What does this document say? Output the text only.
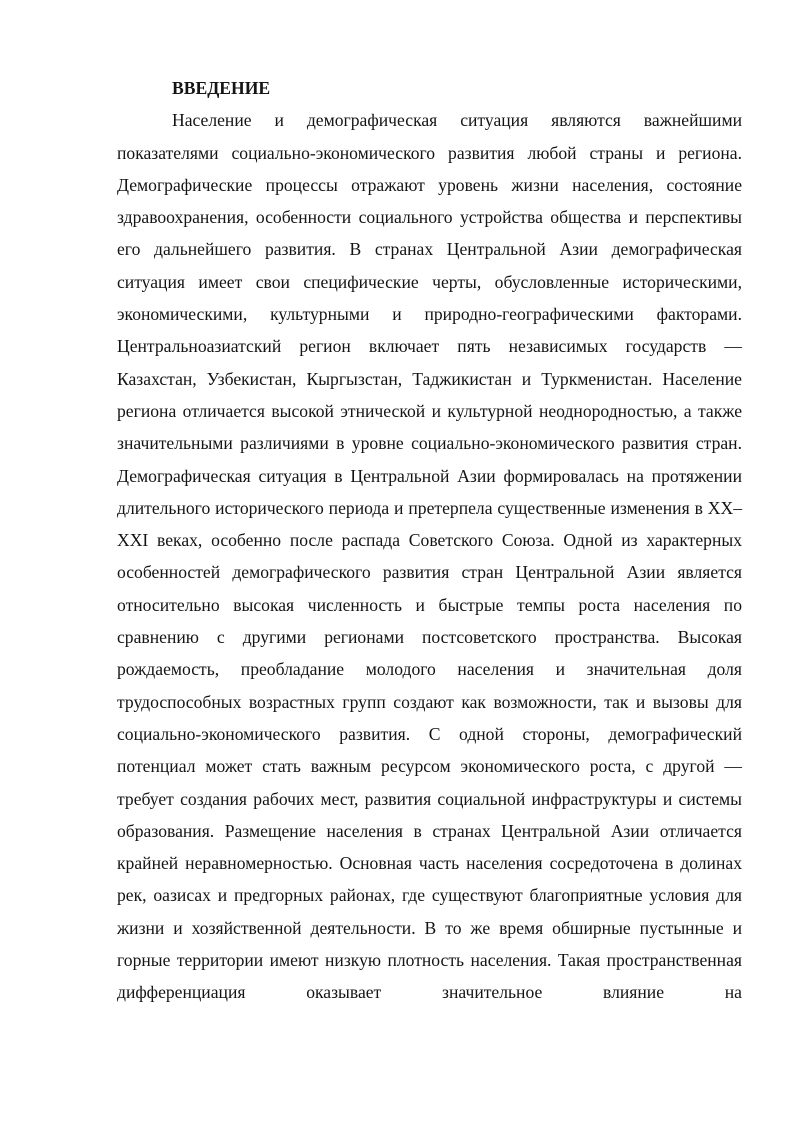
ВВЕДЕНИЕ

Население и демографическая ситуация являются важнейшими показателями социально-экономического развития любой страны и региона. Демографические процессы отражают уровень жизни населения, состояние здравоохранения, особенности социального устройства общества и перспективы его дальнейшего развития. В странах Центральной Азии демографическая ситуация имеет свои специфические черты, обусловленные историческими, экономическими, культурными и природно-географическими факторами. Центральноазиатский регион включает пять независимых государств — Казахстан, Узбекистан, Кыргызстан, Таджикистан и Туркменистан. Население региона отличается высокой этнической и культурной неоднородностью, а также значительными различиями в уровне социально-экономического развития стран. Демографическая ситуация в Центральной Азии формировалась на протяжении длительного исторического периода и претерпела существенные изменения в XX–XXI веках, особенно после распада Советского Союза. Одной из характерных особенностей демографического развития стран Центральной Азии является относительно высокая численность и быстрые темпы роста населения по сравнению с другими регионами постсоветского пространства. Высокая рождаемость, преобладание молодого населения и значительная доля трудоспособных возрастных групп создают как возможности, так и вызовы для социально-экономического развития. С одной стороны, демографический потенциал может стать важным ресурсом экономического роста, с другой — требует создания рабочих мест, развития социальной инфраструктуры и системы образования. Размещение населения в странах Центральной Азии отличается крайней неравномерностью. Основная часть населения сосредоточена в долинах рек, оазисах и предгорных районах, где существуют благоприятные условия для жизни и хозяйственной деятельности. В то же время обширные пустынные и горные территории имеют низкую плотность населения. Такая пространственная дифференциация оказывает значительное влияние на
